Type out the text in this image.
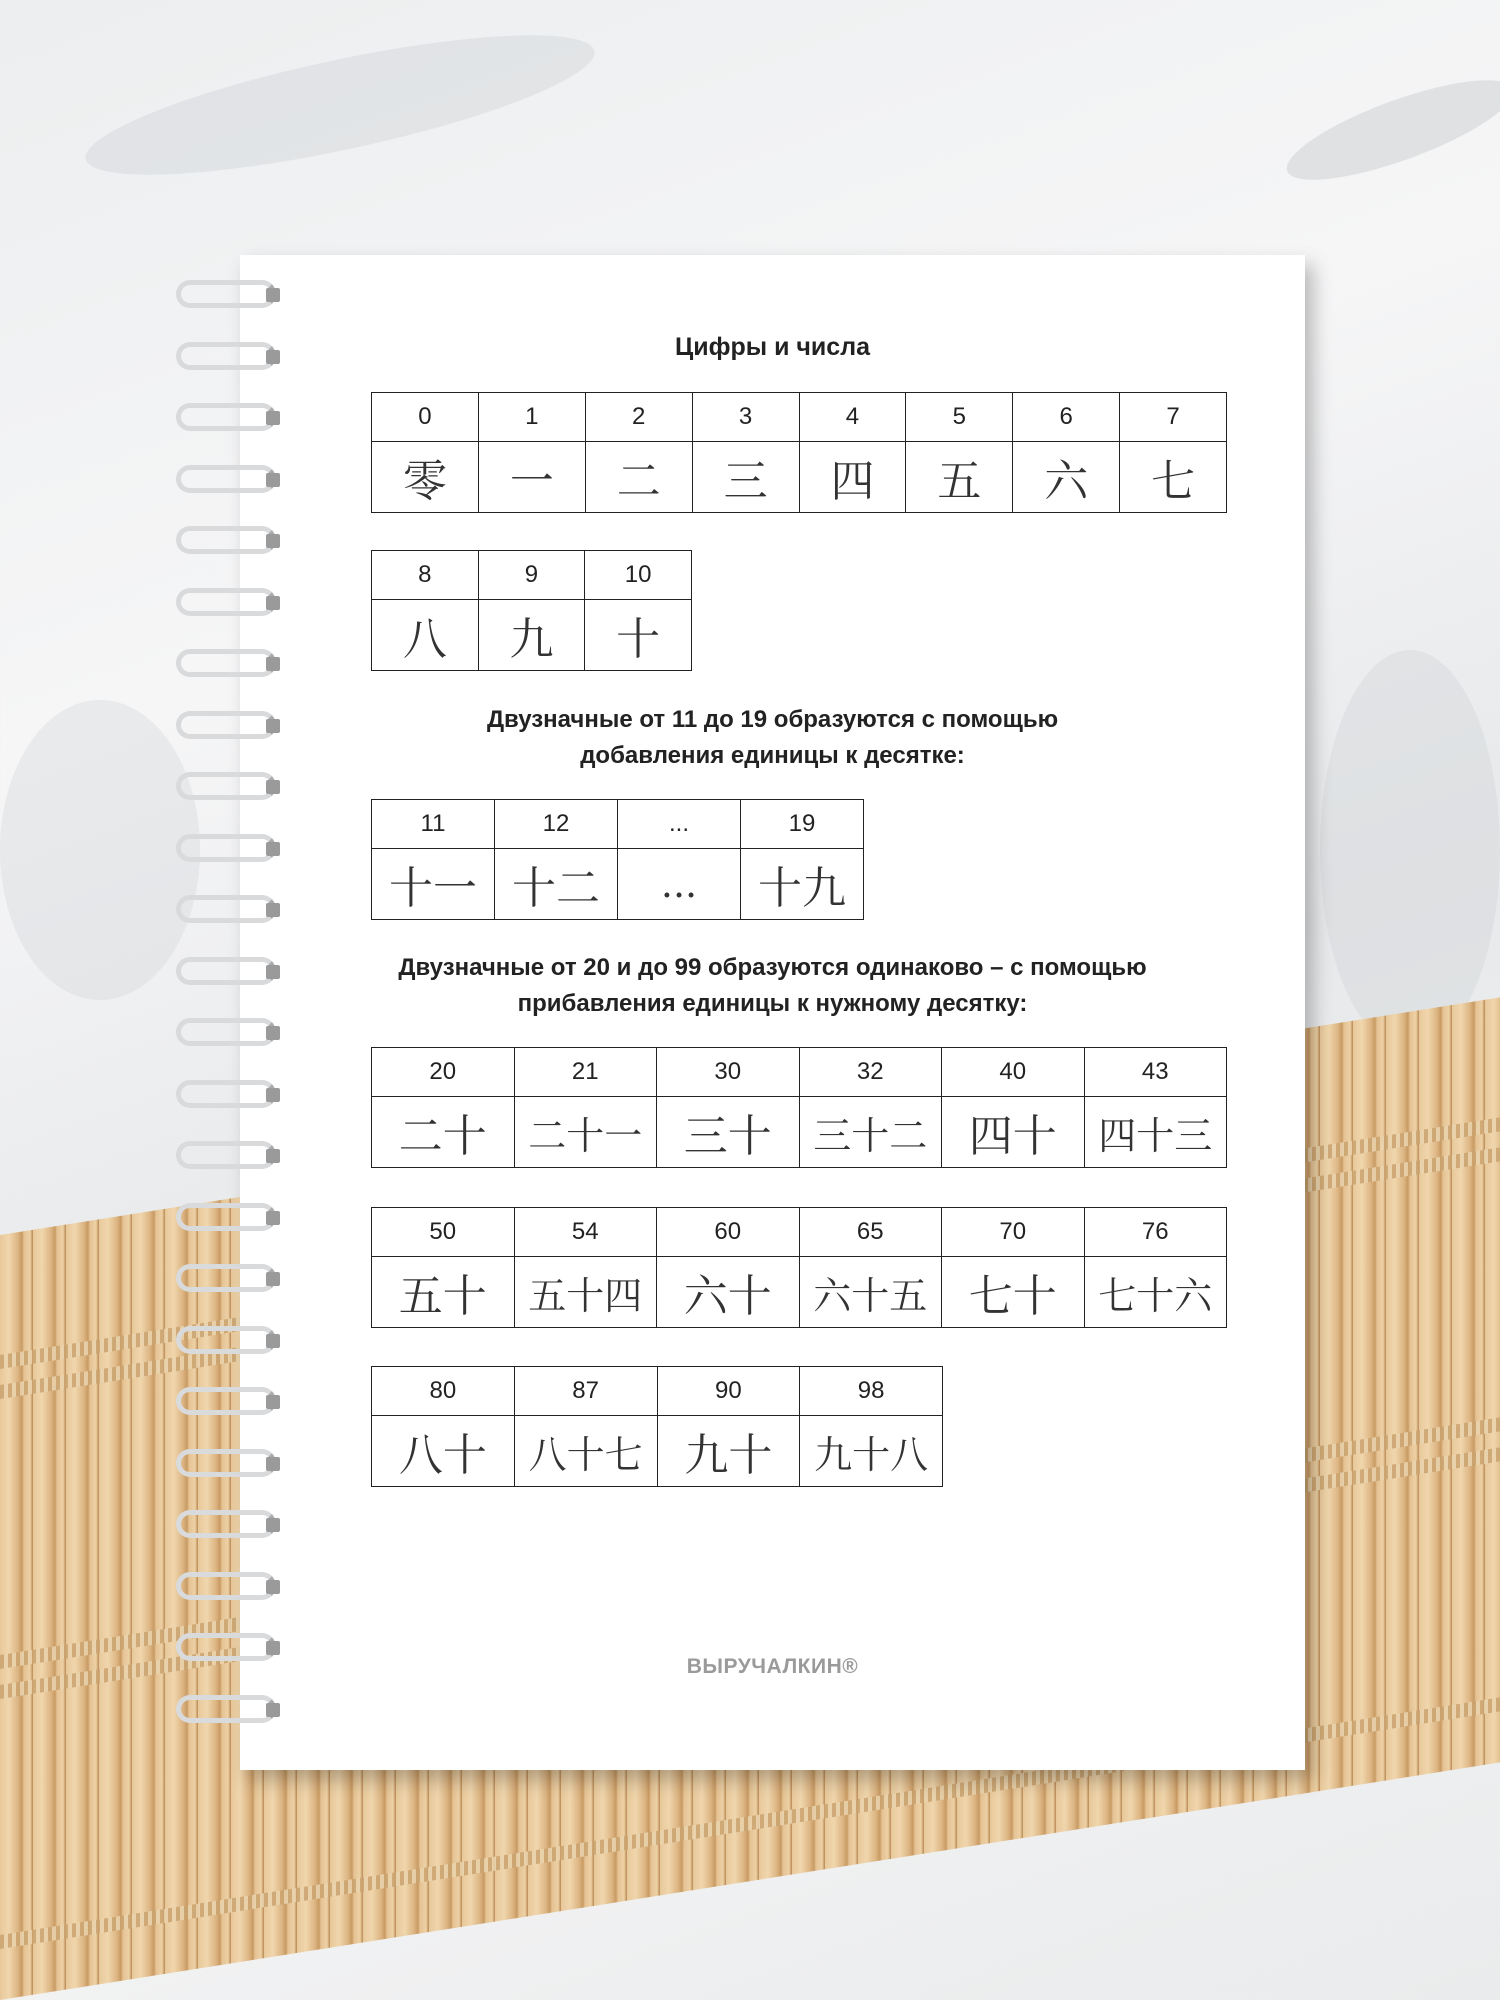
Цифры и числа
0	1	2	3	4	5	6	7
零	一	二	三	四	五	六	七
8	9	10
八	九	十
Двузначные от 11 до 19 образуются с помощью
добавления единицы к десятке:
11	12	...	19
十一	十二	...	十九
Двузначные от 20 и до 99 образуются одинаково – с помощью
прибавления единицы к нужному десятку:
20	21	30	32	40	43
二十	二十一	三十	三十二	四十	四十三
50	54	60	65	70	76
五十	五十四	六十	六十五	七十	七十六
80	87	90	98
八十	八十七	九十	九十八
ВЫРУЧАЛКИН®
